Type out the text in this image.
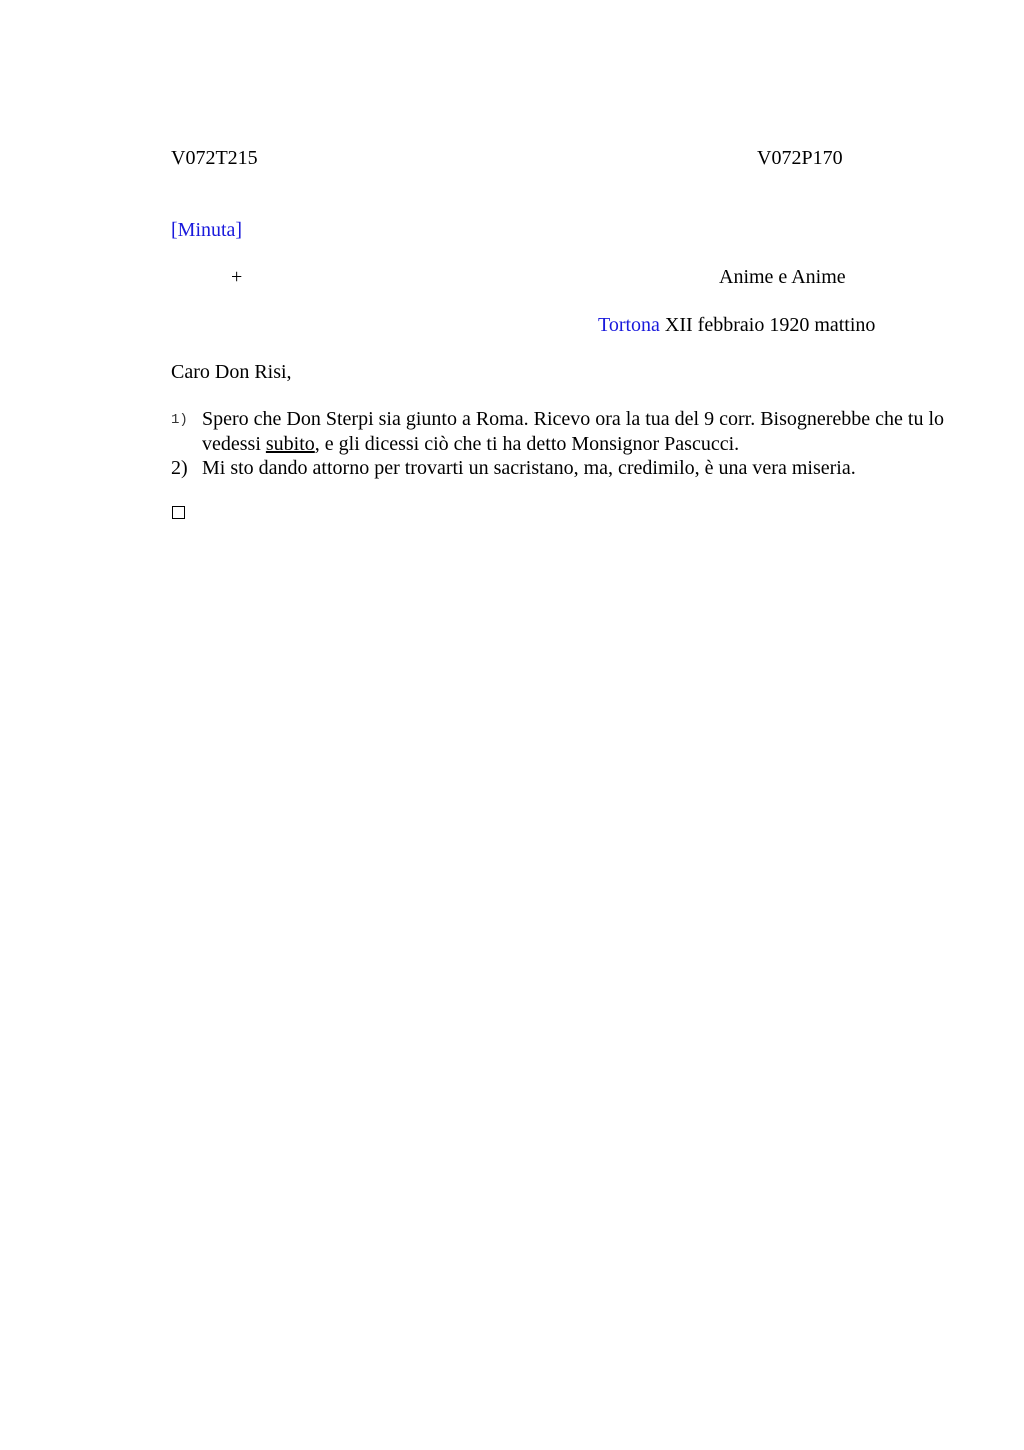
V072T215	V072P170
[Minuta]
+	Anime e Anime
Tortona XII febbraio 1920 mattino
Caro Don Risi,
1) Spero che Don Sterpi sia giunto a Roma. Ricevo ora la tua del 9 corr. Bisognerebbe che tu lo vedessi subito, e gli dicessi ciò che ti ha detto Monsignor Pascucci.
2) Mi sto dando attorno per trovarti un sacristano, ma, credimilo, è una vera miseria.
